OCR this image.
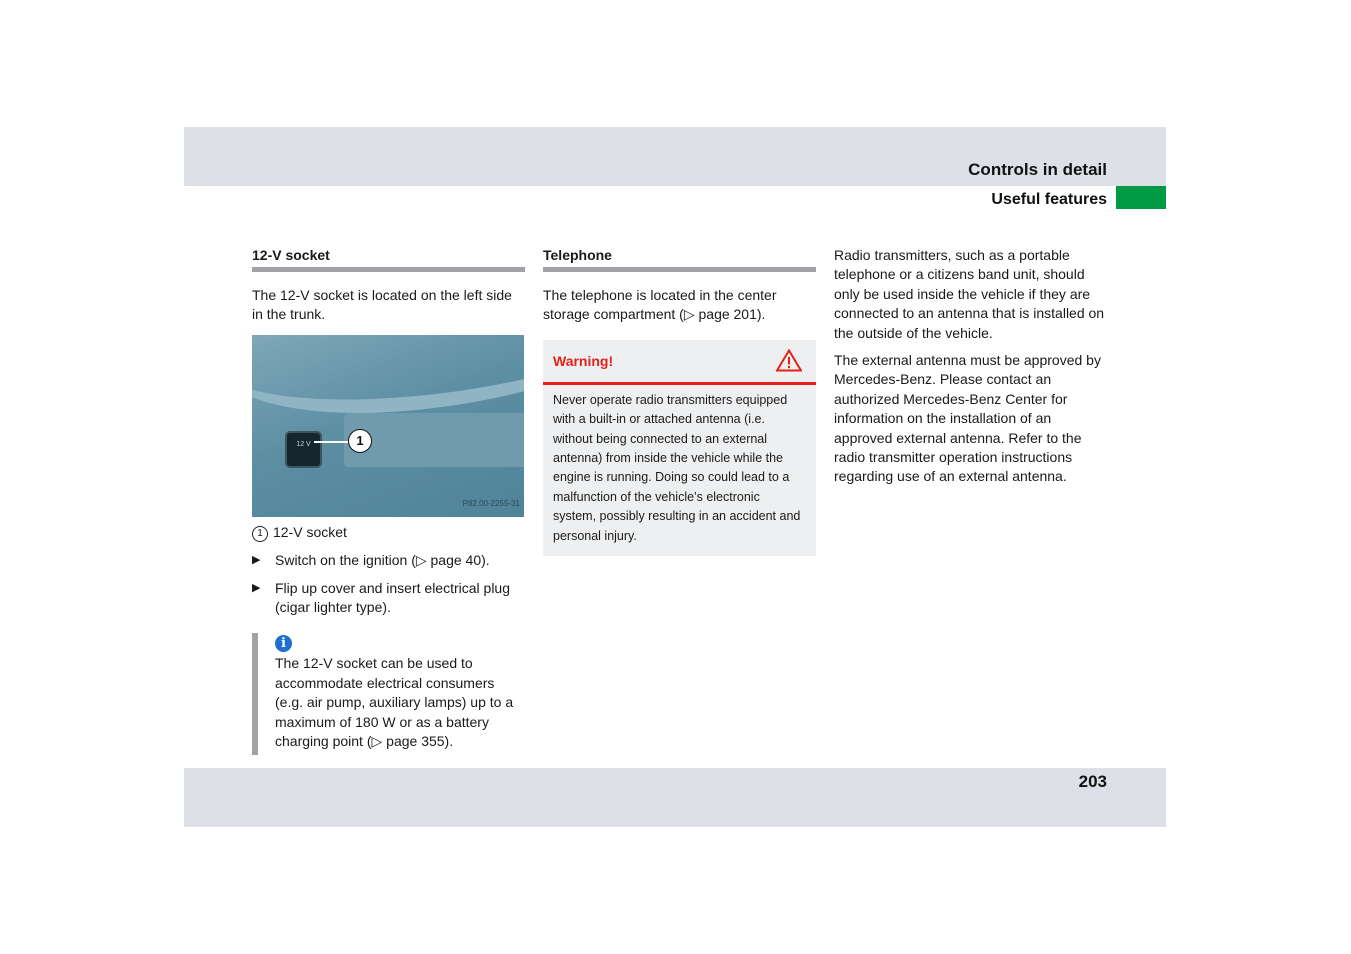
Controls in detail
Useful features
12-V socket

The 12-V socket is located on the left side in the trunk.

12 V	1
P82.00-2255-31
1 12-V socket
▶ Switch on the ignition (▷ page 40).
▶ Flip up cover and insert electrical plug (cigar lighter type).
i
The 12-V socket can be used to accommodate electrical consumers (e.g. air pump, auxiliary lamps) up to a maximum of 180 W or as a battery charging point (▷ page 355).
Telephone

The telephone is located in the center storage compartment (▷ page 201).

Warning!
Never operate radio transmitters equipped with a built-in or attached antenna (i.e. without being connected to an external antenna) from inside the vehicle while the engine is running. Doing so could lead to a malfunction of the vehicle’s electronic system, possibly resulting in an accident and personal injury.

Radio transmitters, such as a portable telephone or a citizens band unit, should only be used inside the vehicle if they are connected to an antenna that is installed on the outside of the vehicle.

The external antenna must be approved by Mercedes-Benz. Please contact an authorized Mercedes-Benz Center for information on the installation of an approved external antenna. Refer to the radio transmitter operation instructions regarding use of an external antenna.

203
